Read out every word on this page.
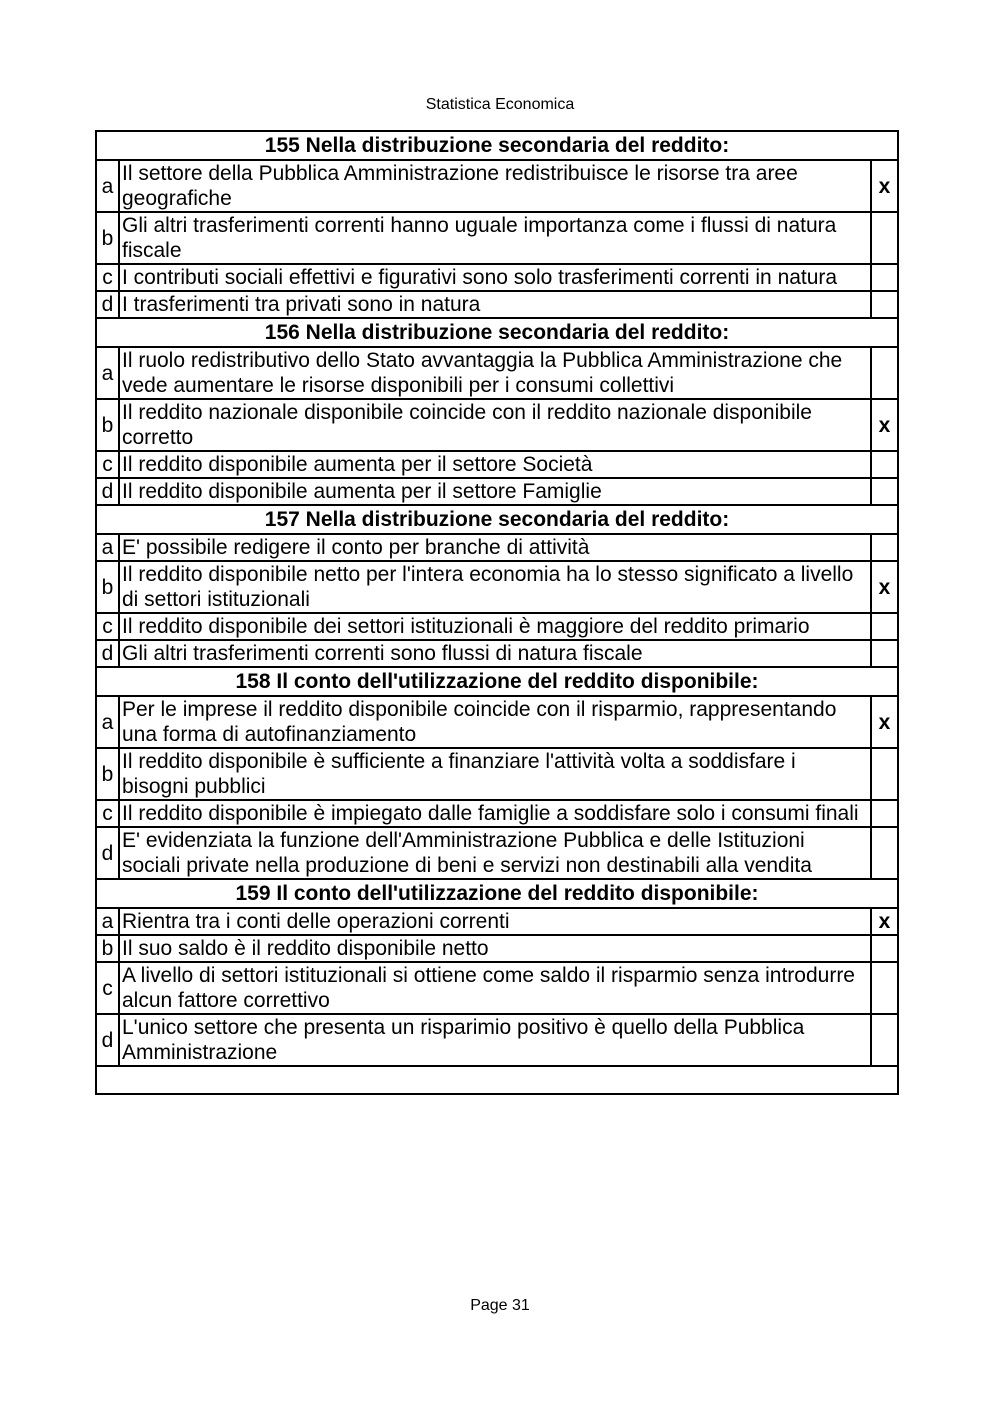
Statistica Economica
155 Nella distribuzione secondaria del reddito:		
a	Il settore della Pubblica Amministrazione redistribuisce le risorse tra aree geografiche	x
b	Gli altri trasferimenti correnti hanno uguale importanza come i flussi di natura fiscale	
c	I contributi sociali effettivi e figurativi sono solo trasferimenti correnti in natura	
d	I trasferimenti tra privati sono in natura	
156 Nella distribuzione secondaria del reddito:		
a	Il ruolo redistributivo dello Stato avvantaggia la Pubblica Amministrazione che vede aumentare le risorse disponibili per i consumi collettivi	
b	Il reddito nazionale disponibile coincide con il reddito nazionale disponibile corretto	x
c	Il reddito disponibile aumenta per il settore Società	
d	Il reddito disponibile aumenta per il settore Famiglie	
157 Nella distribuzione secondaria del reddito:		
a	E' possibile redigere il conto per branche di attività	
b	Il reddito disponibile netto per l'intera economia ha lo stesso significato a livello di settori istituzionali	x
c	Il reddito disponibile dei settori istituzionali è maggiore del reddito primario	
d	Gli altri trasferimenti correnti sono flussi di natura fiscale	
158 Il conto dell'utilizzazione del reddito disponibile:		
a	Per le imprese il reddito disponibile coincide con il risparmio, rappresentando una forma di autofinanziamento	x
b	Il reddito disponibile è sufficiente a finanziare l'attività volta a soddisfare i bisogni pubblici	
c	Il reddito disponibile è impiegato dalle famiglie a soddisfare solo i consumi finali	
d	E' evidenziata la funzione dell'Amministrazione Pubblica e delle Istituzioni sociali private nella produzione di beni e servizi non destinabili alla vendita	
159 Il conto dell'utilizzazione del reddito disponibile:		
a	Rientra tra i conti delle operazioni correnti	x
b	Il suo saldo è il reddito disponibile netto	
c	A livello di settori istituzionali si ottiene come saldo il risparmio senza introdurre alcun fattore correttivo	
d	L'unico settore che presenta un risparimio positivo è quello della Pubblica Amministrazione	

Page 31
